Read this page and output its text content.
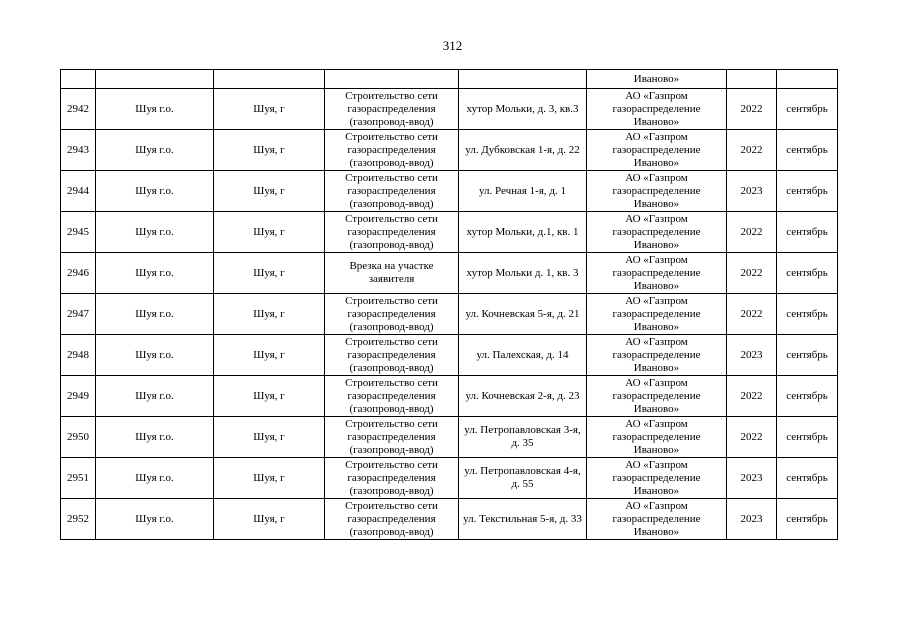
312
					Иваново»		
2942	Шуя г.о.	Шуя, г	Строительство сети газораспределения (газопровод-ввод)	хутор Мольки, д. 3, кв.3	АО «Газпром газораспределение Иваново»	2022	сентябрь
2943	Шуя г.о.	Шуя, г	Строительство сети газораспределения (газопровод-ввод)	ул. Дубковская 1-я, д. 22	АО «Газпром газораспределение Иваново»	2022	сентябрь
2944	Шуя г.о.	Шуя, г	Строительство сети газораспределения (газопровод-ввод)	ул. Речная 1-я, д. 1	АО «Газпром газораспределение Иваново»	2023	сентябрь
2945	Шуя г.о.	Шуя, г	Строительство сети газораспределения (газопровод-ввод)	хутор Мольки, д.1, кв. 1	АО «Газпром газораспределение Иваново»	2022	сентябрь
2946	Шуя г.о.	Шуя, г	Врезка на участке заявителя	хутор Мольки д. 1, кв. 3	АО «Газпром газораспределение Иваново»	2022	сентябрь
2947	Шуя г.о.	Шуя, г	Строительство сети газораспределения (газопровод-ввод)	ул. Кочневская 5-я, д. 21	АО «Газпром газораспределение Иваново»	2022	сентябрь
2948	Шуя г.о.	Шуя, г	Строительство сети газораспределения (газопровод-ввод)	ул. Палехская, д. 14	АО «Газпром газораспределение Иваново»	2023	сентябрь
2949	Шуя г.о.	Шуя, г	Строительство сети газораспределения (газопровод-ввод)	ул. Кочневская 2-я, д. 23	АО «Газпром газораспределение Иваново»	2022	сентябрь
2950	Шуя г.о.	Шуя, г	Строительство сети газораспределения (газопровод-ввод)	ул. Петропавловская 3-я, д. 35	АО «Газпром газораспределение Иваново»	2022	сентябрь
2951	Шуя г.о.	Шуя, г	Строительство сети газораспределения (газопровод-ввод)	ул. Петропавловская 4-я, д. 55	АО «Газпром газораспределение Иваново»	2023	сентябрь
2952	Шуя г.о.	Шуя, г	Строительство сети газораспределения (газопровод-ввод)	ул. Текстильная 5-я, д. 33	АО «Газпром газораспределение Иваново»	2023	сентябрь
